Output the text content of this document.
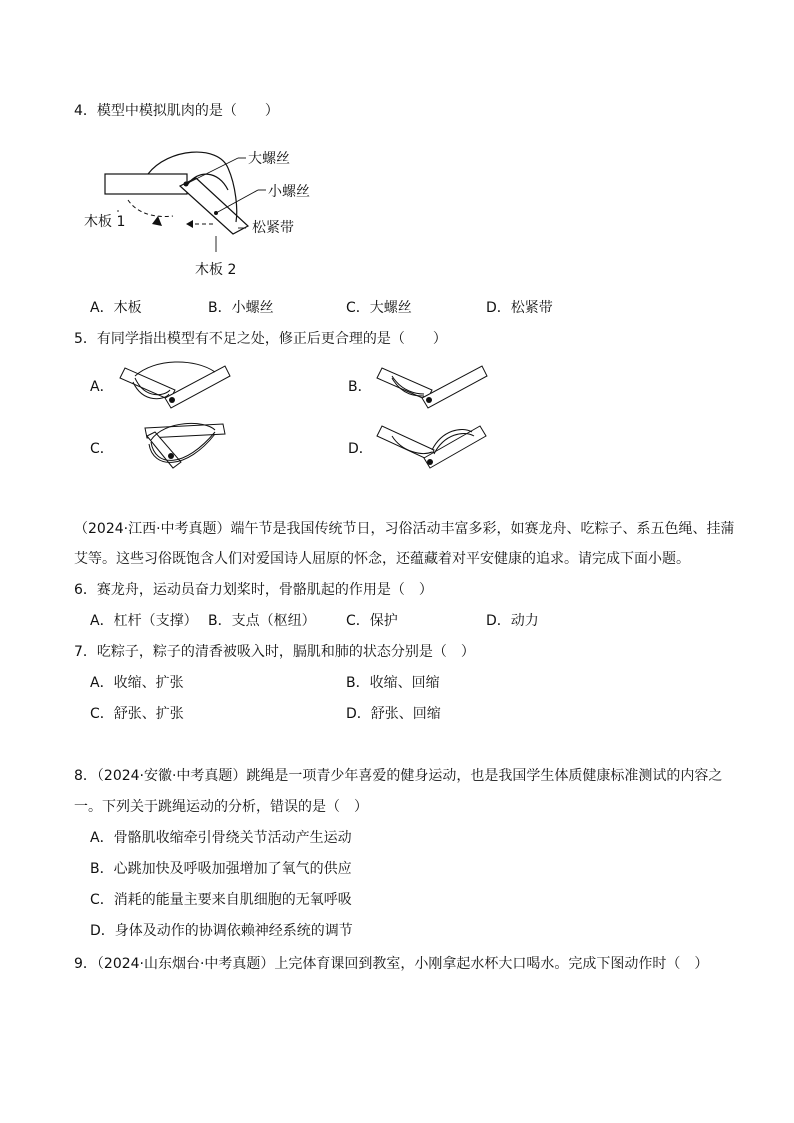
4．模型中模拟肌肉的是（　　）
大螺丝
小螺丝
松紧带
木板 1
木板 2
A．木板	B．小螺丝	C．大螺丝	D．松紧带
5．有同学指出模型有不足之处，修正后更合理的是（　　）
A．	B．
C．	D．
（2024·江西·中考真题）端午节是我国传统节日，习俗活动丰富多彩，如赛龙舟、吃粽子、系五色绳、挂蒲
艾等。这些习俗既饱含人们对爱国诗人屈原的怀念，还蕴藏着对平安健康的追求。请完成下面小题。
6．赛龙舟，运动员奋力划桨时，骨骼肌起的作用是（　）
A．杠杆（支撑） B．支点（枢纽） C．保护	D．动力
7．吃粽子，粽子的清香被吸入时，膈肌和肺的状态分别是（　）
A．收缩、扩张	B．收缩、回缩
C．舒张、扩张	D．舒张、回缩
8．（2024·安徽·中考真题）跳绳是一项青少年喜爱的健身运动，也是我国学生体质健康标准测试的内容之
一。下列关于跳绳运动的分析，错误的是（　）
A．骨骼肌收缩牵引骨绕关节活动产生运动
B．心跳加快及呼吸加强增加了氧气的供应
C．消耗的能量主要来自肌细胞的无氧呼吸
D．身体及动作的协调依赖神经系统的调节
9．（2024·山东烟台·中考真题）上完体育课回到教室，小刚拿起水杯大口喝水。完成下图动作时（　）
